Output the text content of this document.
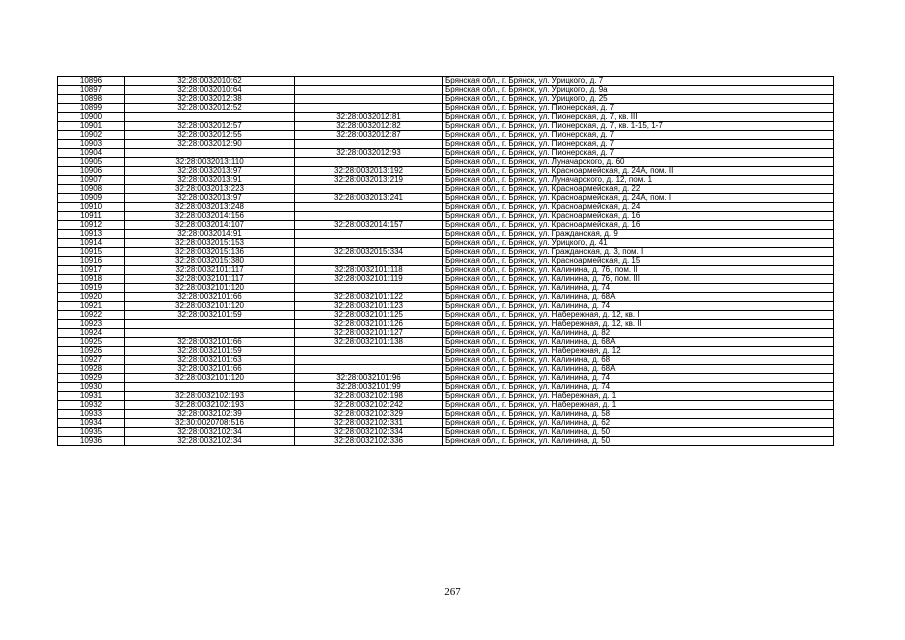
10896	32:28:0032010:62		Брянская обл., г. Брянск, ул. Урицкого, д. 7
10897	32:28:0032010:64		Брянская обл., г. Брянск, ул. Урицкого, д. 9а
10898	32:28:0032012:38		Брянская обл., г. Брянск, ул. Урицкого, д. 25
10899	32:28:0032012:52		Брянская обл., г. Брянск, ул. Пионерская, д. 7
10900		32:28:0032012:81	Брянская обл., г. Брянск, ул. Пионерская, д. 7, кв. III
10901	32:28:0032012:57	32:28:0032012:82	Брянская обл., г. Брянск, ул. Пионерская, д. 7, кв. 1-15, 1-7
10902	32:28:0032012:55	32:28:0032012:87	Брянская обл., г. Брянск, ул. Пионерская, д. 7
10903	32:28:0032012:90		Брянская обл., г. Брянск, ул. Пионерская, д. 7
10904		32:28:0032012:93	Брянская обл., г. Брянск, ул. Пионерская, д. 7
10905	32:28:0032013:110		Брянская обл., г. Брянск, ул. Луначарского, д. 60
10906	32:28:0032013:97	32:28:0032013:192	Брянская обл., г. Брянск, ул. Красноармейская, д. 24А, пом. II
10907	32:28:0032013:91	32:28:0032013:219	Брянская обл., г. Брянск, ул. Луначарского, д. 12, пом. 1
10908	32:28:0032013:223		Брянская обл., г. Брянск, ул. Красноармейская, д. 22
10909	32:28:0032013:97	32:28:0032013:241	Брянская обл., г. Брянск, ул. Красноармейская, д. 24А, пом. I
10910	32:28:0032013:248		Брянская обл., г. Брянск, ул. Красноармейская, д. 24
10911	32:28:0032014:156		Брянская обл., г. Брянск, ул. Красноармейская, д. 16
10912	32:28:0032014:107	32:28:0032014:157	Брянская обл., г. Брянск, ул. Красноармейская, д. 16
10913	32:28:0032014:91		Брянская обл., г. Брянск, ул. Гражданская, д. 9
10914	32:28:0032015:153		Брянская обл., г. Брянск, ул. Урицкого, д. 41
10915	32:28:0032015:136	32:28:0032015:334	Брянская обл., г. Брянск, ул. Гражданская, д. 3, пом. I
10916	32:28:0032015:380		Брянская обл., г. Брянск, ул. Красноармейская, д. 15
10917	32:28:0032101:117	32:28:0032101:118	Брянская обл., г. Брянск, ул. Калинина, д. 76, пом. II
10918	32:28:0032101:117	32:28:0032101:119	Брянская обл., г. Брянск, ул. Калинина, д. 76, пом. III
10919	32:28:0032101:120		Брянская обл., г. Брянск, ул. Калинина, д. 74
10920	32:28:0032101:66	32:28:0032101:122	Брянская обл., г. Брянск, ул. Калинина, д. 68А
10921	32:28:0032101:120	32:28:0032101:123	Брянская обл., г. Брянск, ул. Калинина, д. 74
10922	32:28:0032101:59	32:28:0032101:125	Брянская обл., г. Брянск, ул. Набережная, д. 12, кв. I
10923		32:28:0032101:126	Брянская обл., г. Брянск, ул. Набережная, д. 12, кв. II
10924		32:28:0032101:127	Брянская обл., г. Брянск, ул. Калинина, д. 82
10925	32:28:0032101:66	32:28:0032101:138	Брянская обл., г. Брянск, ул. Калинина, д. 68А
10926	32:28:0032101:59		Брянская обл., г. Брянск, ул. Набережная, д. 12
10927	32:28:0032101:63		Брянская обл., г. Брянск, ул. Калинина, д. 68
10928	32:28:0032101:66		Брянская обл., г. Брянск, ул. Калинина, д. 68А
10929	32:28:0032101:120	32:28:0032101:96	Брянская обл., г. Брянск, ул. Калинина, д. 74
10930		32:28:0032101:99	Брянская обл., г. Брянск, ул. Калинина, д. 74
10931	32:28:0032102:193	32:28:0032102:198	Брянская обл., г. Брянск, ул. Набережная, д. 1
10932	32:28:0032102:193	32:28:0032102:242	Брянская обл., г. Брянск, ул. Набережная, д. 1
10933	32:28:0032102:39	32:28:0032102:329	Брянская обл., г. Брянск, ул. Калинина, д. 58
10934	32:30:0020708:516	32:28:0032102:331	Брянская обл., г. Брянск, ул. Калинина, д. 62
10935	32:28:0032102:34	32:28:0032102:334	Брянская обл., г. Брянск, ул. Калинина, д. 50
10936	32:28:0032102:34	32:28:0032102:336	Брянская обл., г. Брянск, ул. Калинина, д. 50
267
